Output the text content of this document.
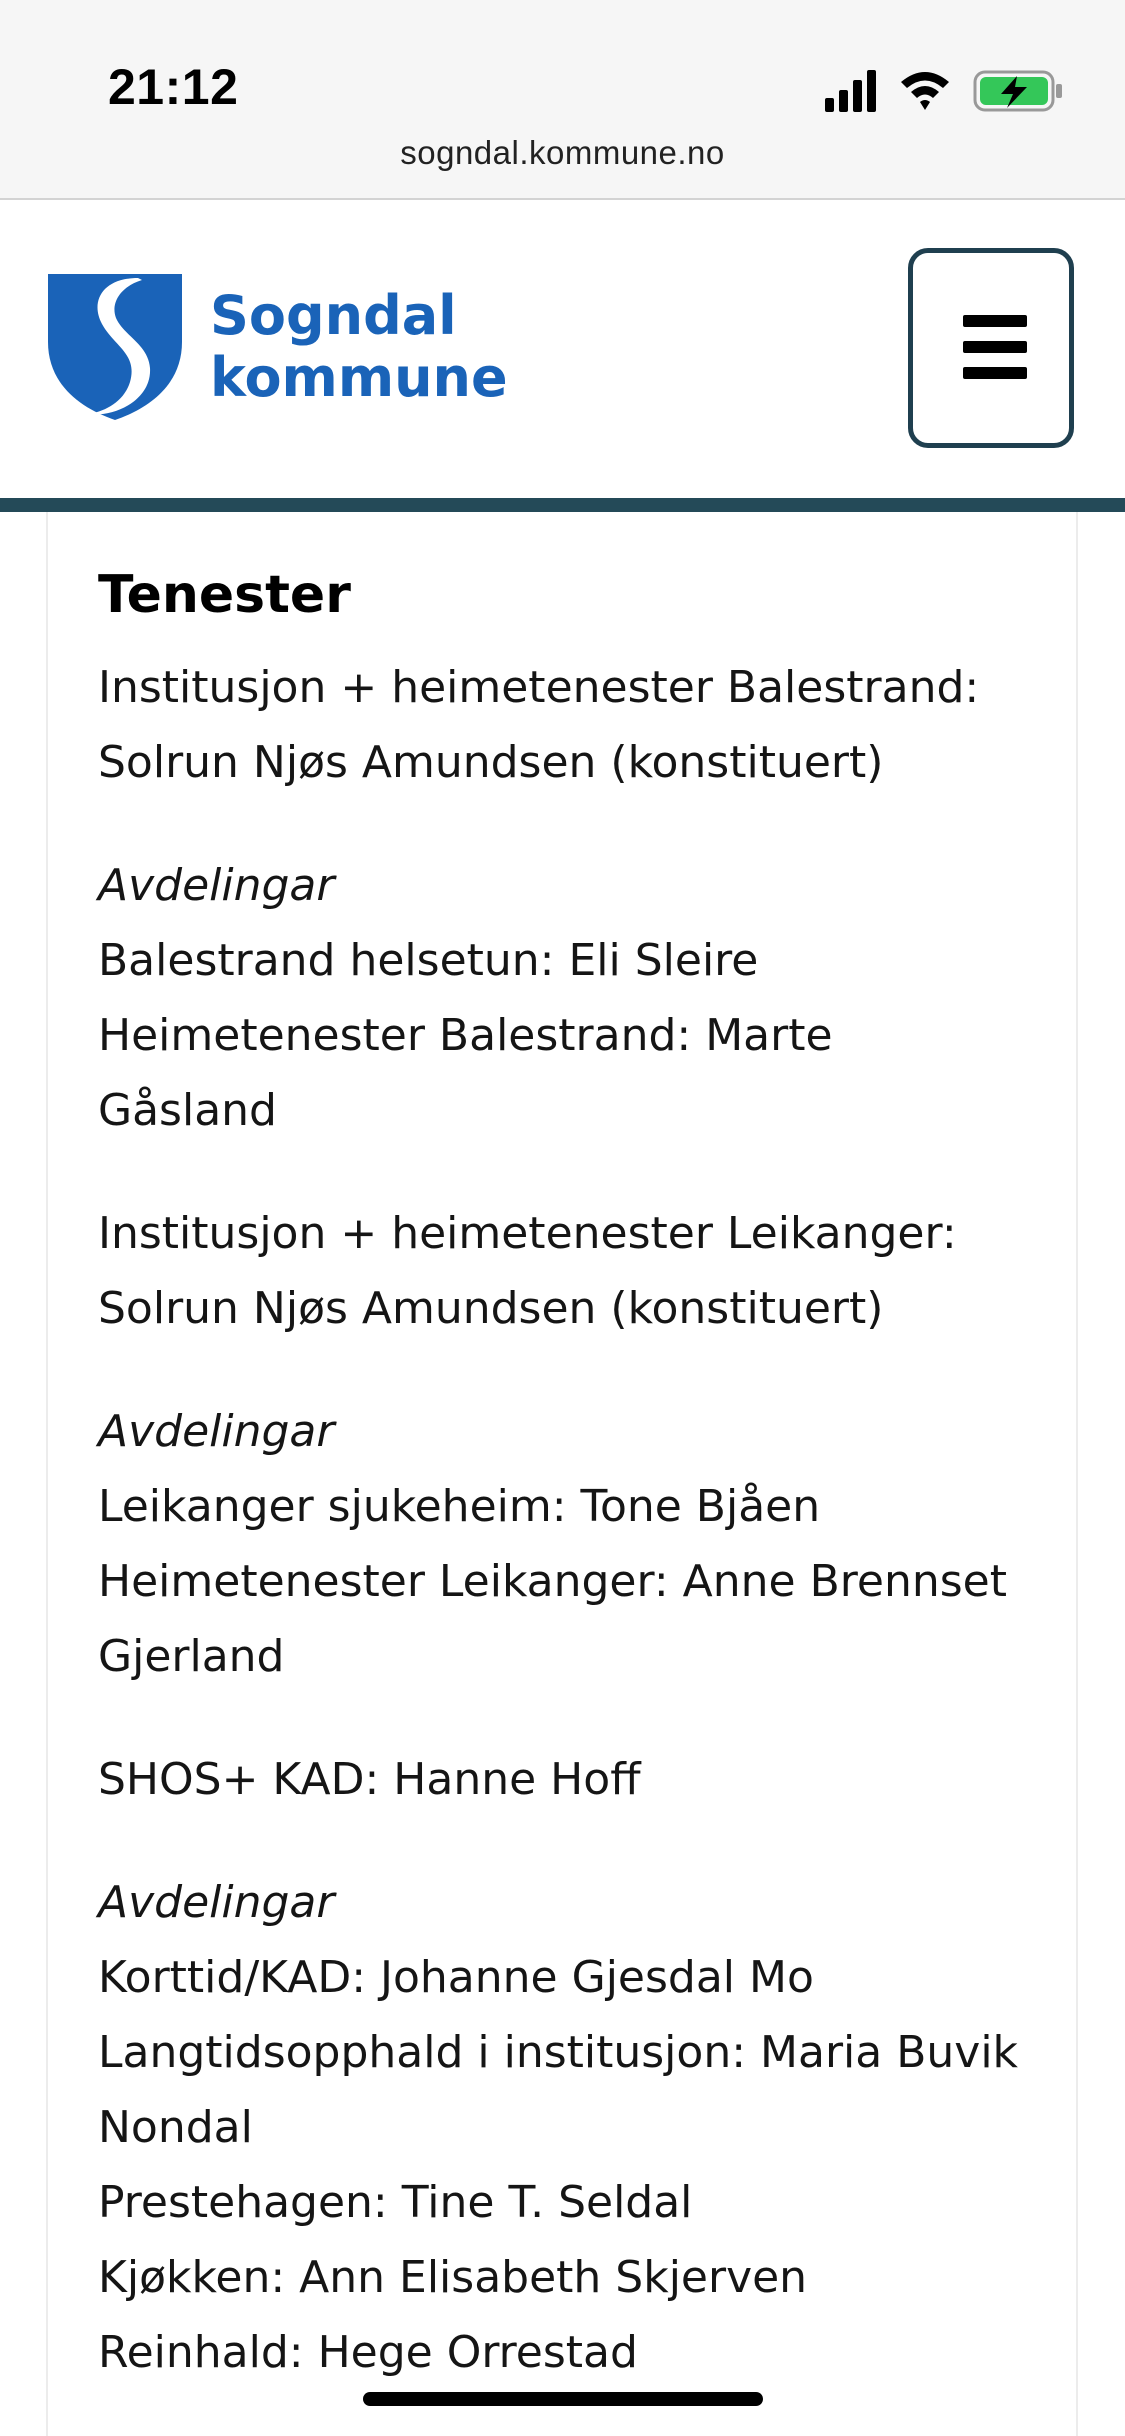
21:12
sogndal.kommune.no
Sogndal
kommune
Tenester

Institusjon + heimetenester Balestrand:
Solrun Njøs Amundsen (konstituert)

Avdelingar
Balestrand helsetun: Eli Sleire
Heimetenester Balestrand: Marte
Gåsland

Institusjon + heimetenester Leikanger:
Solrun Njøs Amundsen (konstituert)

Avdelingar
Leikanger sjukeheim: Tone Bjåen
Heimetenester Leikanger: Anne Brennset
Gjerland

SHOS+ KAD: Hanne Hoff

Avdelingar
Korttid/KAD: Johanne Gjesdal Mo
Langtidsopphald i institusjon: Maria Buvik
Nondal
Prestehagen: Tine T. Seldal
Kjøkken: Ann Elisabeth Skjerven
Reinhald: Hege Orrestad
